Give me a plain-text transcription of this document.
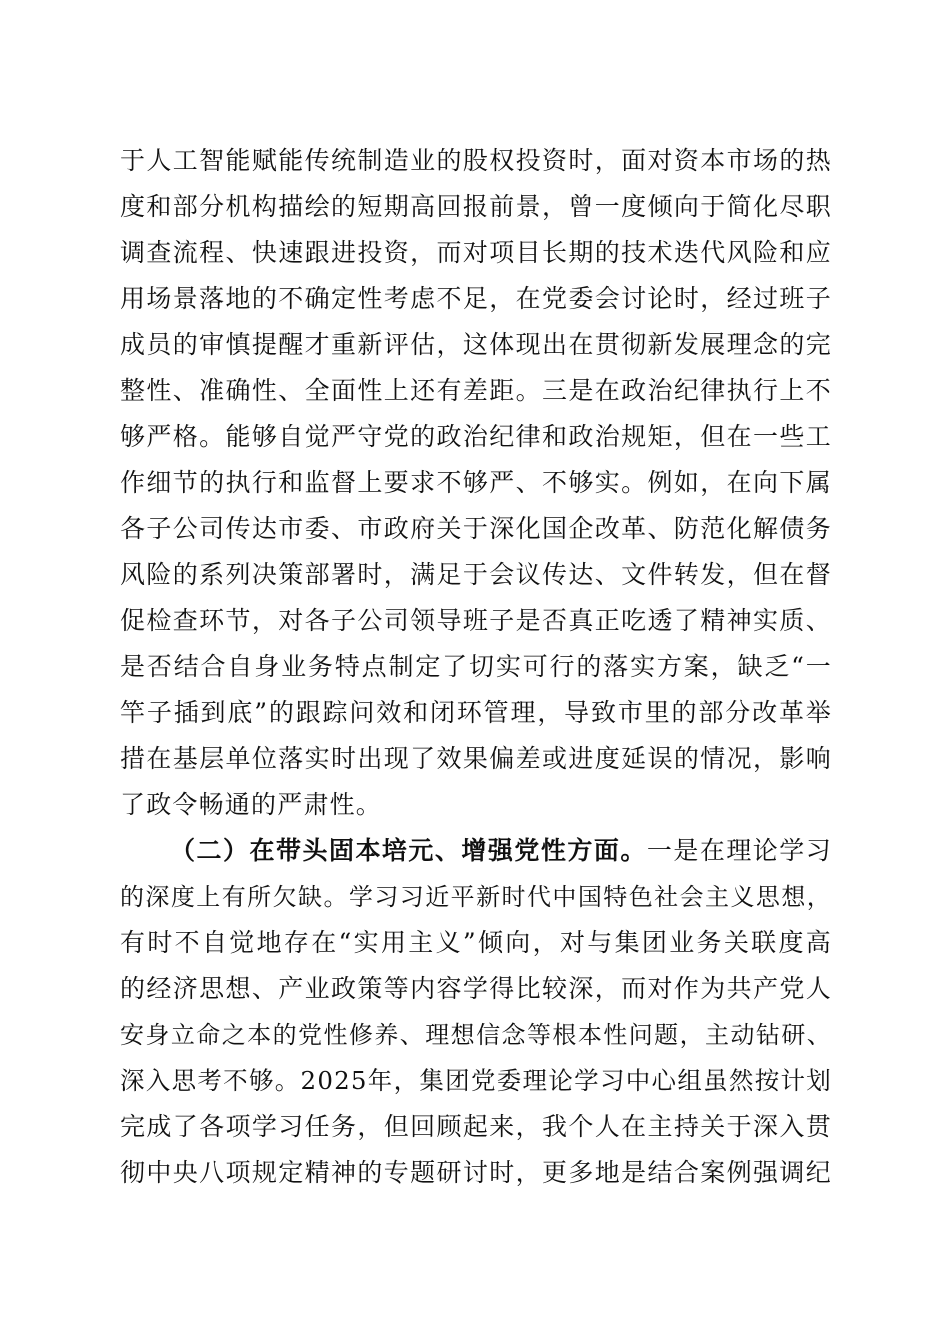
于人工智能赋能传统制造业的股权投资时，面对资本市场的热
度和部分机构描绘的短期高回报前景，曾一度倾向于简化尽职
调查流程、快速跟进投资，而对项目长期的技术迭代风险和应
用场景落地的不确定性考虑不足，在党委会讨论时，经过班子
成员的审慎提醒才重新评估，这体现出在贯彻新发展理念的完
整性、准确性、全面性上还有差距。三是在政治纪律执行上不
够严格。能够自觉严守党的政治纪律和政治规矩，但在一些工
作细节的执行和监督上要求不够严、不够实。例如，在向下属
各子公司传达市委、市政府关于深化国企改革、防范化解债务
风险的系列决策部署时，满足于会议传达、文件转发，但在督
促检查环节，对各子公司领导班子是否真正吃透了精神实质、
是否结合自身业务特点制定了切实可行的落实方案，缺乏“一
竿子插到底”的跟踪问效和闭环管理，导致市里的部分改革举
措在基层单位落实时出现了效果偏差或进度延误的情况，影响
了政令畅通的严肃性。
（二）在带头固本培元、增强党性方面。一是在理论学习
的深度上有所欠缺。学习习近平新时代中国特色社会主义思想，
有时不自觉地存在“实用主义”倾向，对与集团业务关联度高
的经济思想、产业政策等内容学得比较深，而对作为共产党人
安身立命之本的党性修养、理想信念等根本性问题，主动钻研、
深入思考不够。2025年，集团党委理论学习中心组虽然按计划
完成了各项学习任务，但回顾起来，我个人在主持关于深入贯
彻中央八项规定精神的专题研讨时，更多地是结合案例强调纪
